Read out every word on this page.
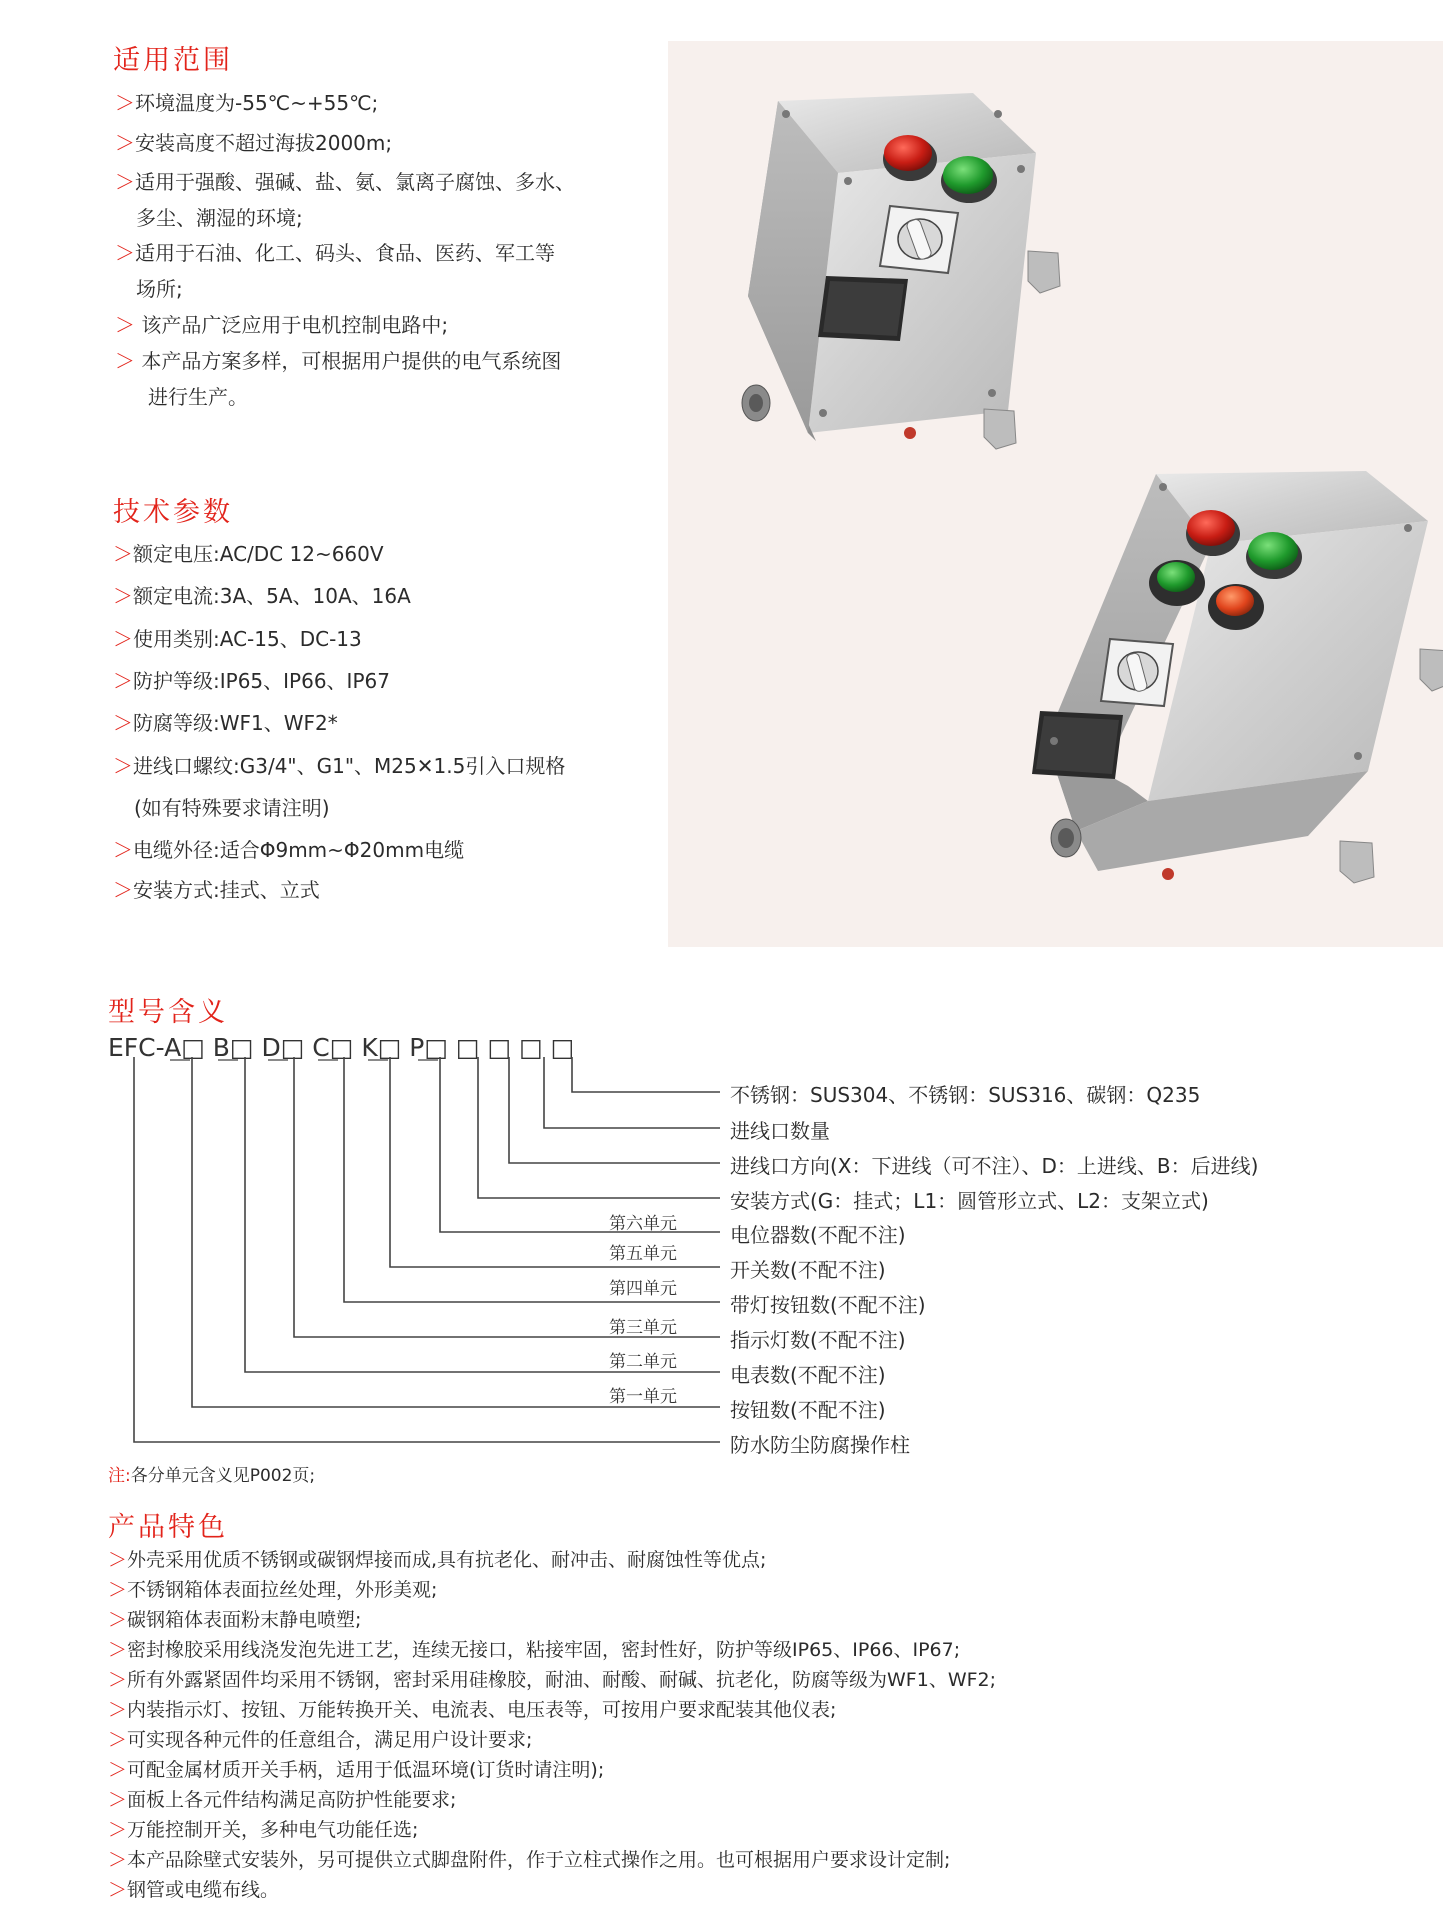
适用范围
＞环境温度为-55℃~+55℃;
＞安装高度不超过海拔2000m;
＞适用于强酸、强碱、盐、氨、氯离子腐蚀、多水、
多尘、潮湿的环境;
＞适用于石油、化工、码头、食品、医药、军工等
场所;
＞ 该产品广泛应用于电机控制电路中;
＞ 本产品方案多样，可根据用户提供的电气系统图
进行生产。
技术参数
＞额定电压:AC/DC 12~660V
＞额定电流:3A、5A、10A、16A
＞使用类别:AC-15、DC-13
＞防护等级:IP65、IP66、IP67
＞防腐等级:WF1、WF2*
＞进线口螺纹:G3/4"、G1"、M25✕1.5引入口规格
(如有特殊要求请注明)
＞电缆外径:适合Φ9mm~Φ20mm电缆
＞安装方式:挂式、立式
型号含义
EFC-A□ B□ D□ C□ K□ P□ □ □ □ □
不锈钢：SUS304、不锈钢：SUS316、碳钢：Q235
进线口数量
进线口方向(X：下进线（可不注）、D：上进线、B：后进线)
安装方式(G：挂式；L1：圆管形立式、L2：支架立式)
电位器数(不配不注)
开关数(不配不注)
带灯按钮数(不配不注)
指示灯数(不配不注)
电表数(不配不注)
按钮数(不配不注)
防水防尘防腐操作柱
第六单元
第五单元
第四单元
第三单元
第二单元
第一单元
注:各分单元含义见P002页;
产品特色
＞外壳采用优质不锈钢或碳钢焊接而成,具有抗老化、耐冲击、耐腐蚀性等优点;
＞不锈钢箱体表面拉丝处理，外形美观;
＞碳钢箱体表面粉末静电喷塑;
＞密封橡胶采用线浇发泡先进工艺，连续无接口，粘接牢固，密封性好，防护等级IP65、IP66、IP67;
＞所有外露紧固件均采用不锈钢，密封采用硅橡胶，耐油、耐酸、耐碱、抗老化，防腐等级为WF1、WF2;
＞内装指示灯、按钮、万能转换开关、电流表、电压表等，可按用户要求配装其他仪表;
＞可实现各种元件的任意组合，满足用户设计要求;
＞可配金属材质开关手柄，适用于低温环境(订货时请注明);
＞面板上各元件结构满足高防护性能要求;
＞万能控制开关，多种电气功能任选;
＞本产品除壁式安装外，另可提供立式脚盘附件，作于立柱式操作之用。也可根据用户要求设计定制;
＞钢管或电缆布线。
